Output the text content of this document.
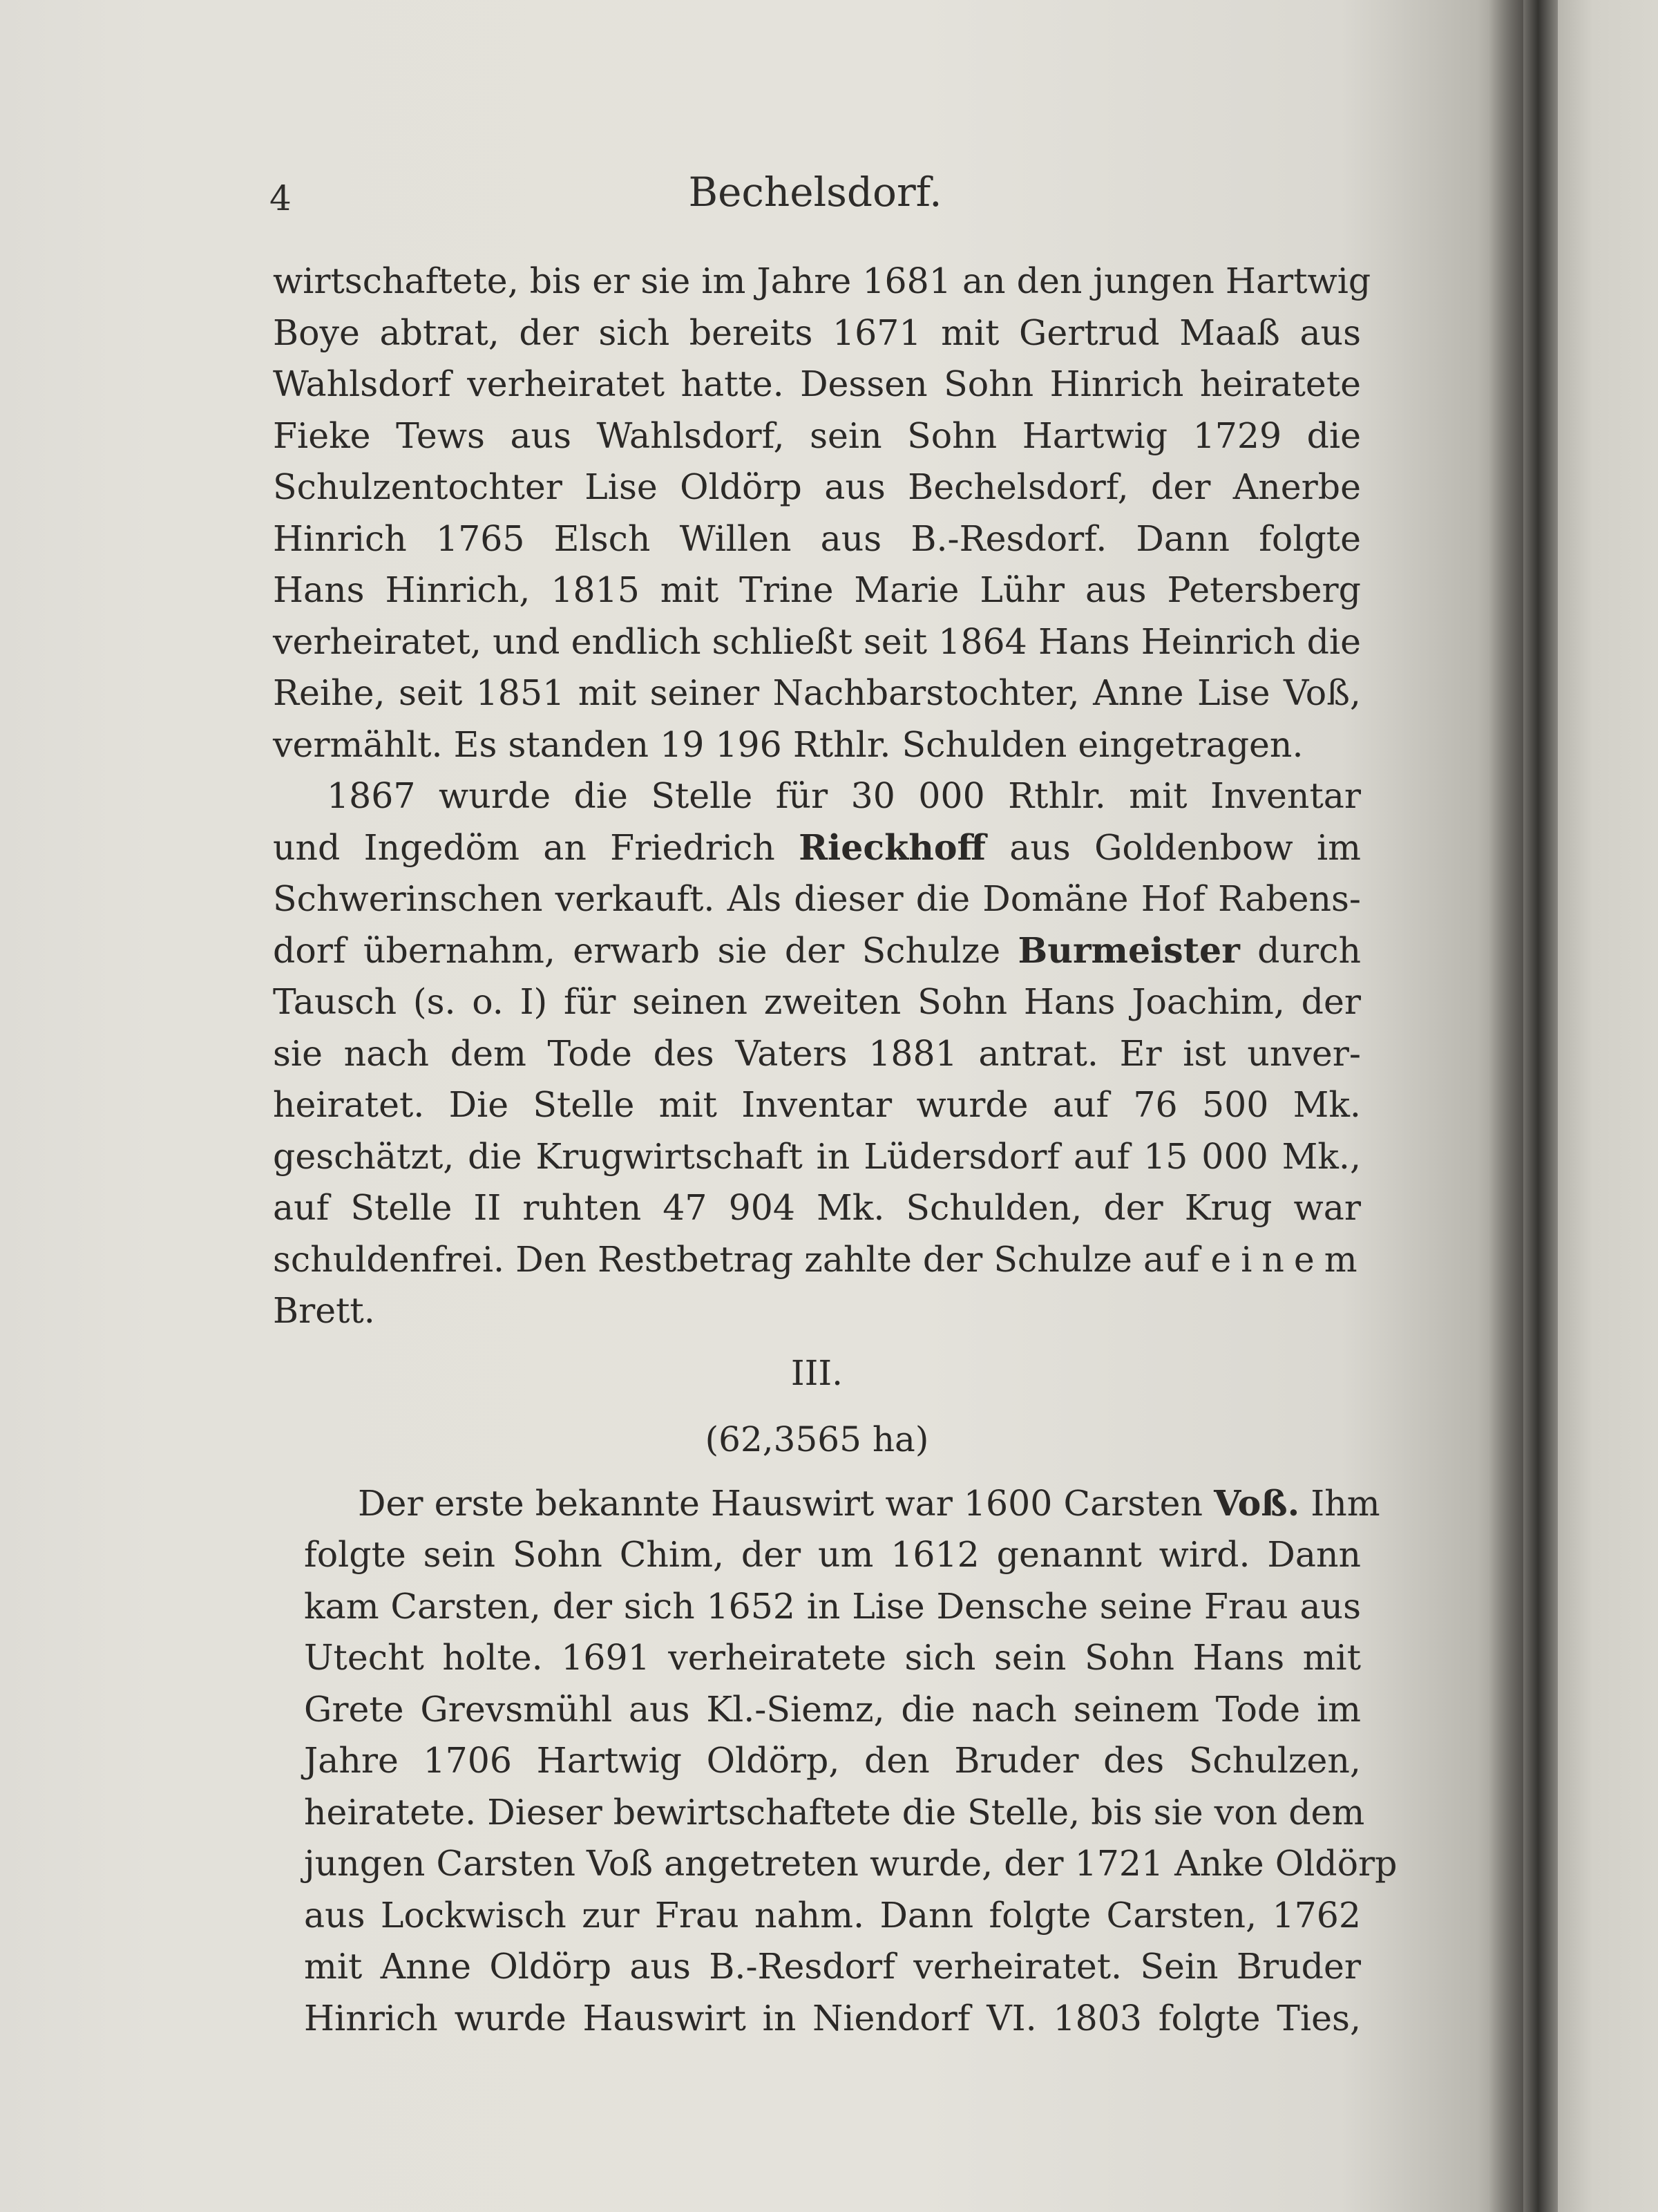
4	Bechelsdorf.

wirtschaftete, bis er sie im Jahre 1681 an den jungen Hartwig

Boye abtrat, der sich bereits 1671 mit Gertrud Maaß aus

Wahlsdorf verheiratet hatte. Dessen Sohn Hinrich heiratete

Fieke Tews aus Wahlsdorf, sein Sohn Hartwig 1729 die

Schulzentochter Lise Oldörp aus Bechelsdorf, der Anerbe

Hinrich 1765 Elsch Willen aus B.-Resdorf. Dann folgte

Hans Hinrich, 1815 mit Trine Marie Lühr aus Petersberg

verheiratet, und endlich schließt seit 1864 Hans Heinrich die

Reihe, seit 1851 mit seiner Nachbarstochter, Anne Lise Voß,

vermählt. Es standen 19 196 Rthlr. Schulden eingetragen.

1867 wurde die Stelle für 30 000 Rthlr. mit Inventar

und Ingedöm an Friedrich Rieckhoff aus Goldenbow im

Schwerinschen verkauft. Als dieser die Domäne Hof Rabens-

dorf übernahm, erwarb sie der Schulze Burmeister durch

Tausch (s. o. I) für seinen zweiten Sohn Hans Joachim, der

sie nach dem Tode des Vaters 1881 antrat. Er ist unver-

heiratet. Die Stelle mit Inventar wurde auf 76 500 Mk.

geschätzt, die Krugwirtschaft in Lüdersdorf auf 15 000 Mk.,

auf Stelle II ruhten 47 904 Mk. Schulden, der Krug war

schuldenfrei. Den Restbetrag zahlte der Schulze auf einem

Brett.

III.
(62,3565 ha)

Der erste bekannte Hauswirt war 1600 Carsten Voß. Ihm

folgte sein Sohn Chim, der um 1612 genannt wird. Dann

kam Carsten, der sich 1652 in Lise Densche seine Frau aus

Utecht holte. 1691 verheiratete sich sein Sohn Hans mit

Grete Grevsmühl aus Kl.-Siemz, die nach seinem Tode im

Jahre 1706 Hartwig Oldörp, den Bruder des Schulzen,

heiratete. Dieser bewirtschaftete die Stelle, bis sie von dem

jungen Carsten Voß angetreten wurde, der 1721 Anke Oldörp

aus Lockwisch zur Frau nahm. Dann folgte Carsten, 1762

mit Anne Oldörp aus B.-Resdorf verheiratet. Sein Bruder

Hinrich wurde Hauswirt in Niendorf VI. 1803 folgte Ties,
